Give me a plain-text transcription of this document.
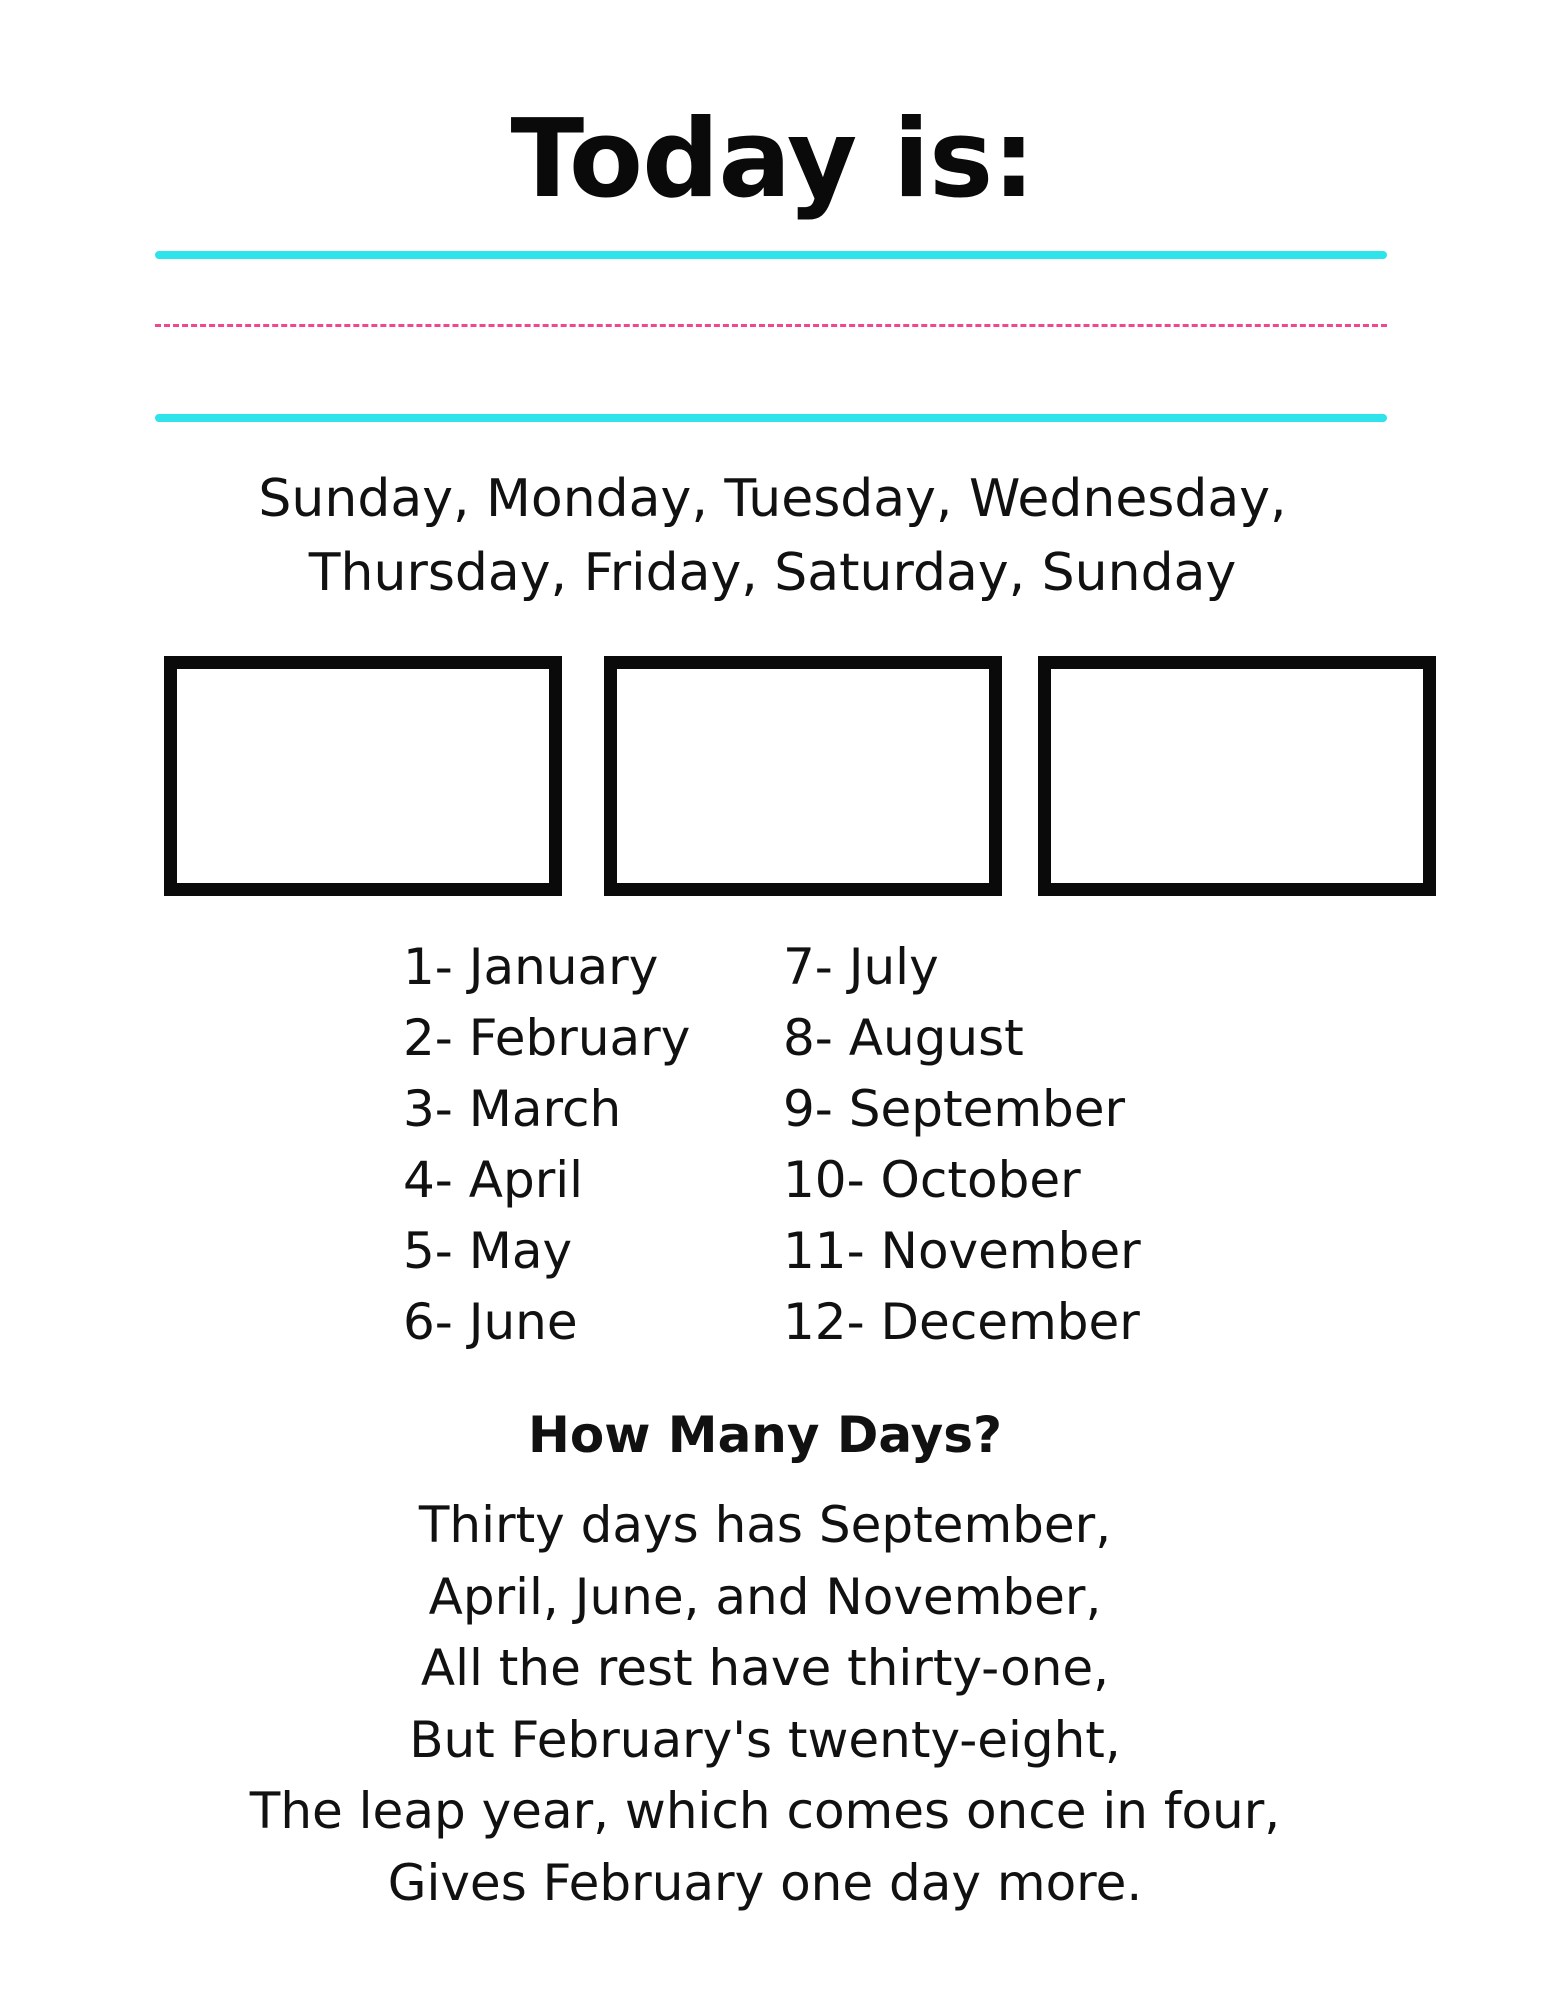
Today is:
Sunday, Monday, Tuesday, Wednesday,
Thursday, Friday, Saturday, Sunday
1- January
2- February
3- March
4- April
5- May
6- June
7- July
8- August
9- September
10- October
11- November
12- December
How Many Days?
Thirty days has September,
April, June, and November,
All the rest have thirty-one,
But February's twenty-eight,
The leap year, which comes once in four,
Gives February one day more.
